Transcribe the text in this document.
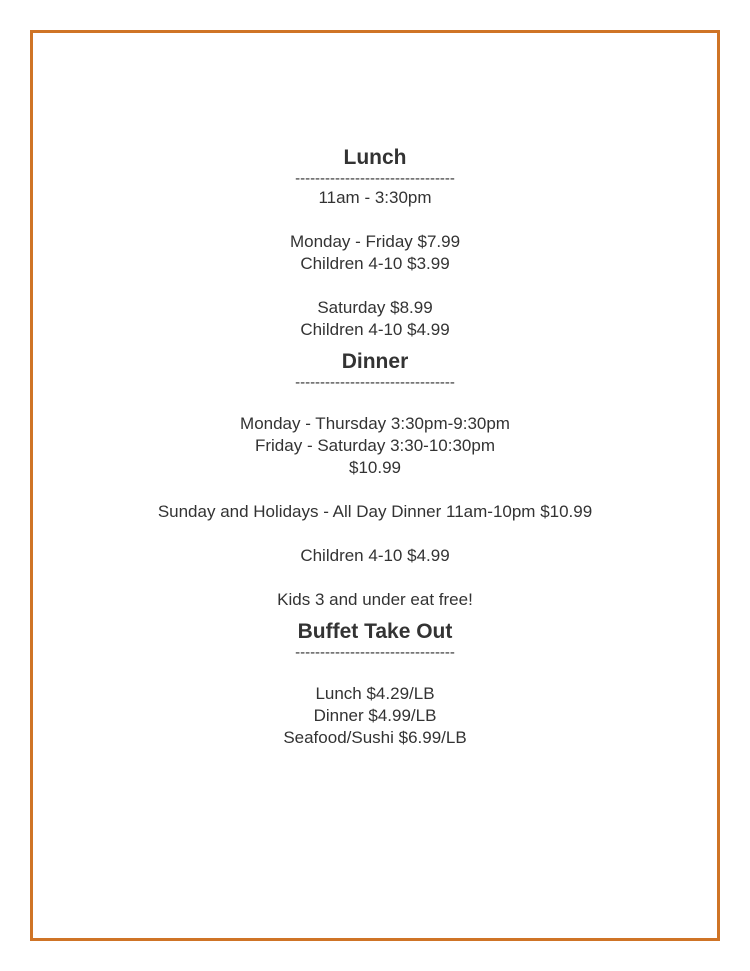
Lunch

--------------------------------

11am - 3:30pm

Monday - Friday $7.99

Children 4-10 $3.99

Saturday $8.99

Children 4-10 $4.99

Dinner

--------------------------------

Monday - Thursday 3:30pm-9:30pm

Friday - Saturday 3:30-10:30pm

$10.99

Sunday and Holidays - All Day Dinner 11am-10pm $10.99

Children 4-10 $4.99

Kids 3 and under eat free!

Buffet Take Out

--------------------------------

Lunch $4.29/LB

Dinner $4.99/LB

Seafood/Sushi $6.99/LB
